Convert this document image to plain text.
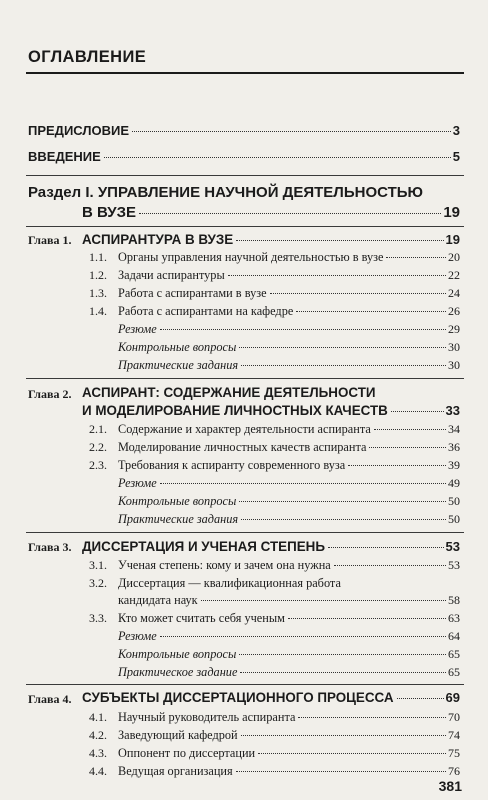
ОГЛАВЛЕНИЕ
ПРЕДИСЛОВИЕ	3
ВВЕДЕНИЕ	5
Раздел I. УПРАВЛЕНИЕ НАУЧНОЙ ДЕЯТЕЛЬНОСТЬЮ
В ВУЗЕ	19
Глава 1. АСПИРАНТУРА В ВУЗЕ	19
1.1. Органы управления научной деятельностью в вузе	20
1.2. Задачи аспирантуры	22
1.3. Работа с аспирантами в вузе	24
1.4. Работа с аспирантами на кафедре	26
Резюме	29
Контрольные вопросы	30
Практические задания	30
Глава 2. АСПИРАНТ: СОДЕРЖАНИЕ ДЕЯТЕЛЬНОСТИ
И МОДЕЛИРОВАНИЕ ЛИЧНОСТНЫХ КАЧЕСТВ	33
2.1. Содержание и характер деятельности аспиранта	34
2.2. Моделирование личностных качеств аспиранта	36
2.3. Требования к аспиранту современного вуза	39
Резюме	49
Контрольные вопросы	50
Практические задания	50
Глава 3. ДИССЕРТАЦИЯ И УЧЕНАЯ СТЕПЕНЬ	53
3.1. Ученая степень: кому и зачем она нужна	53
3.2. Диссертация — квалификационная работа
кандидата наук	58
3.3. Кто может считать себя ученым	63
Резюме	64
Контрольные вопросы	65
Практическое задание	65
Глава 4. СУБЪЕКТЫ ДИССЕРТАЦИОННОГО ПРОЦЕССА	69
4.1. Научный руководитель аспиранта	70
4.2. Заведующий кафедрой	74
4.3. Оппонент по диссертации	75
4.4. Ведущая организация	76
381
